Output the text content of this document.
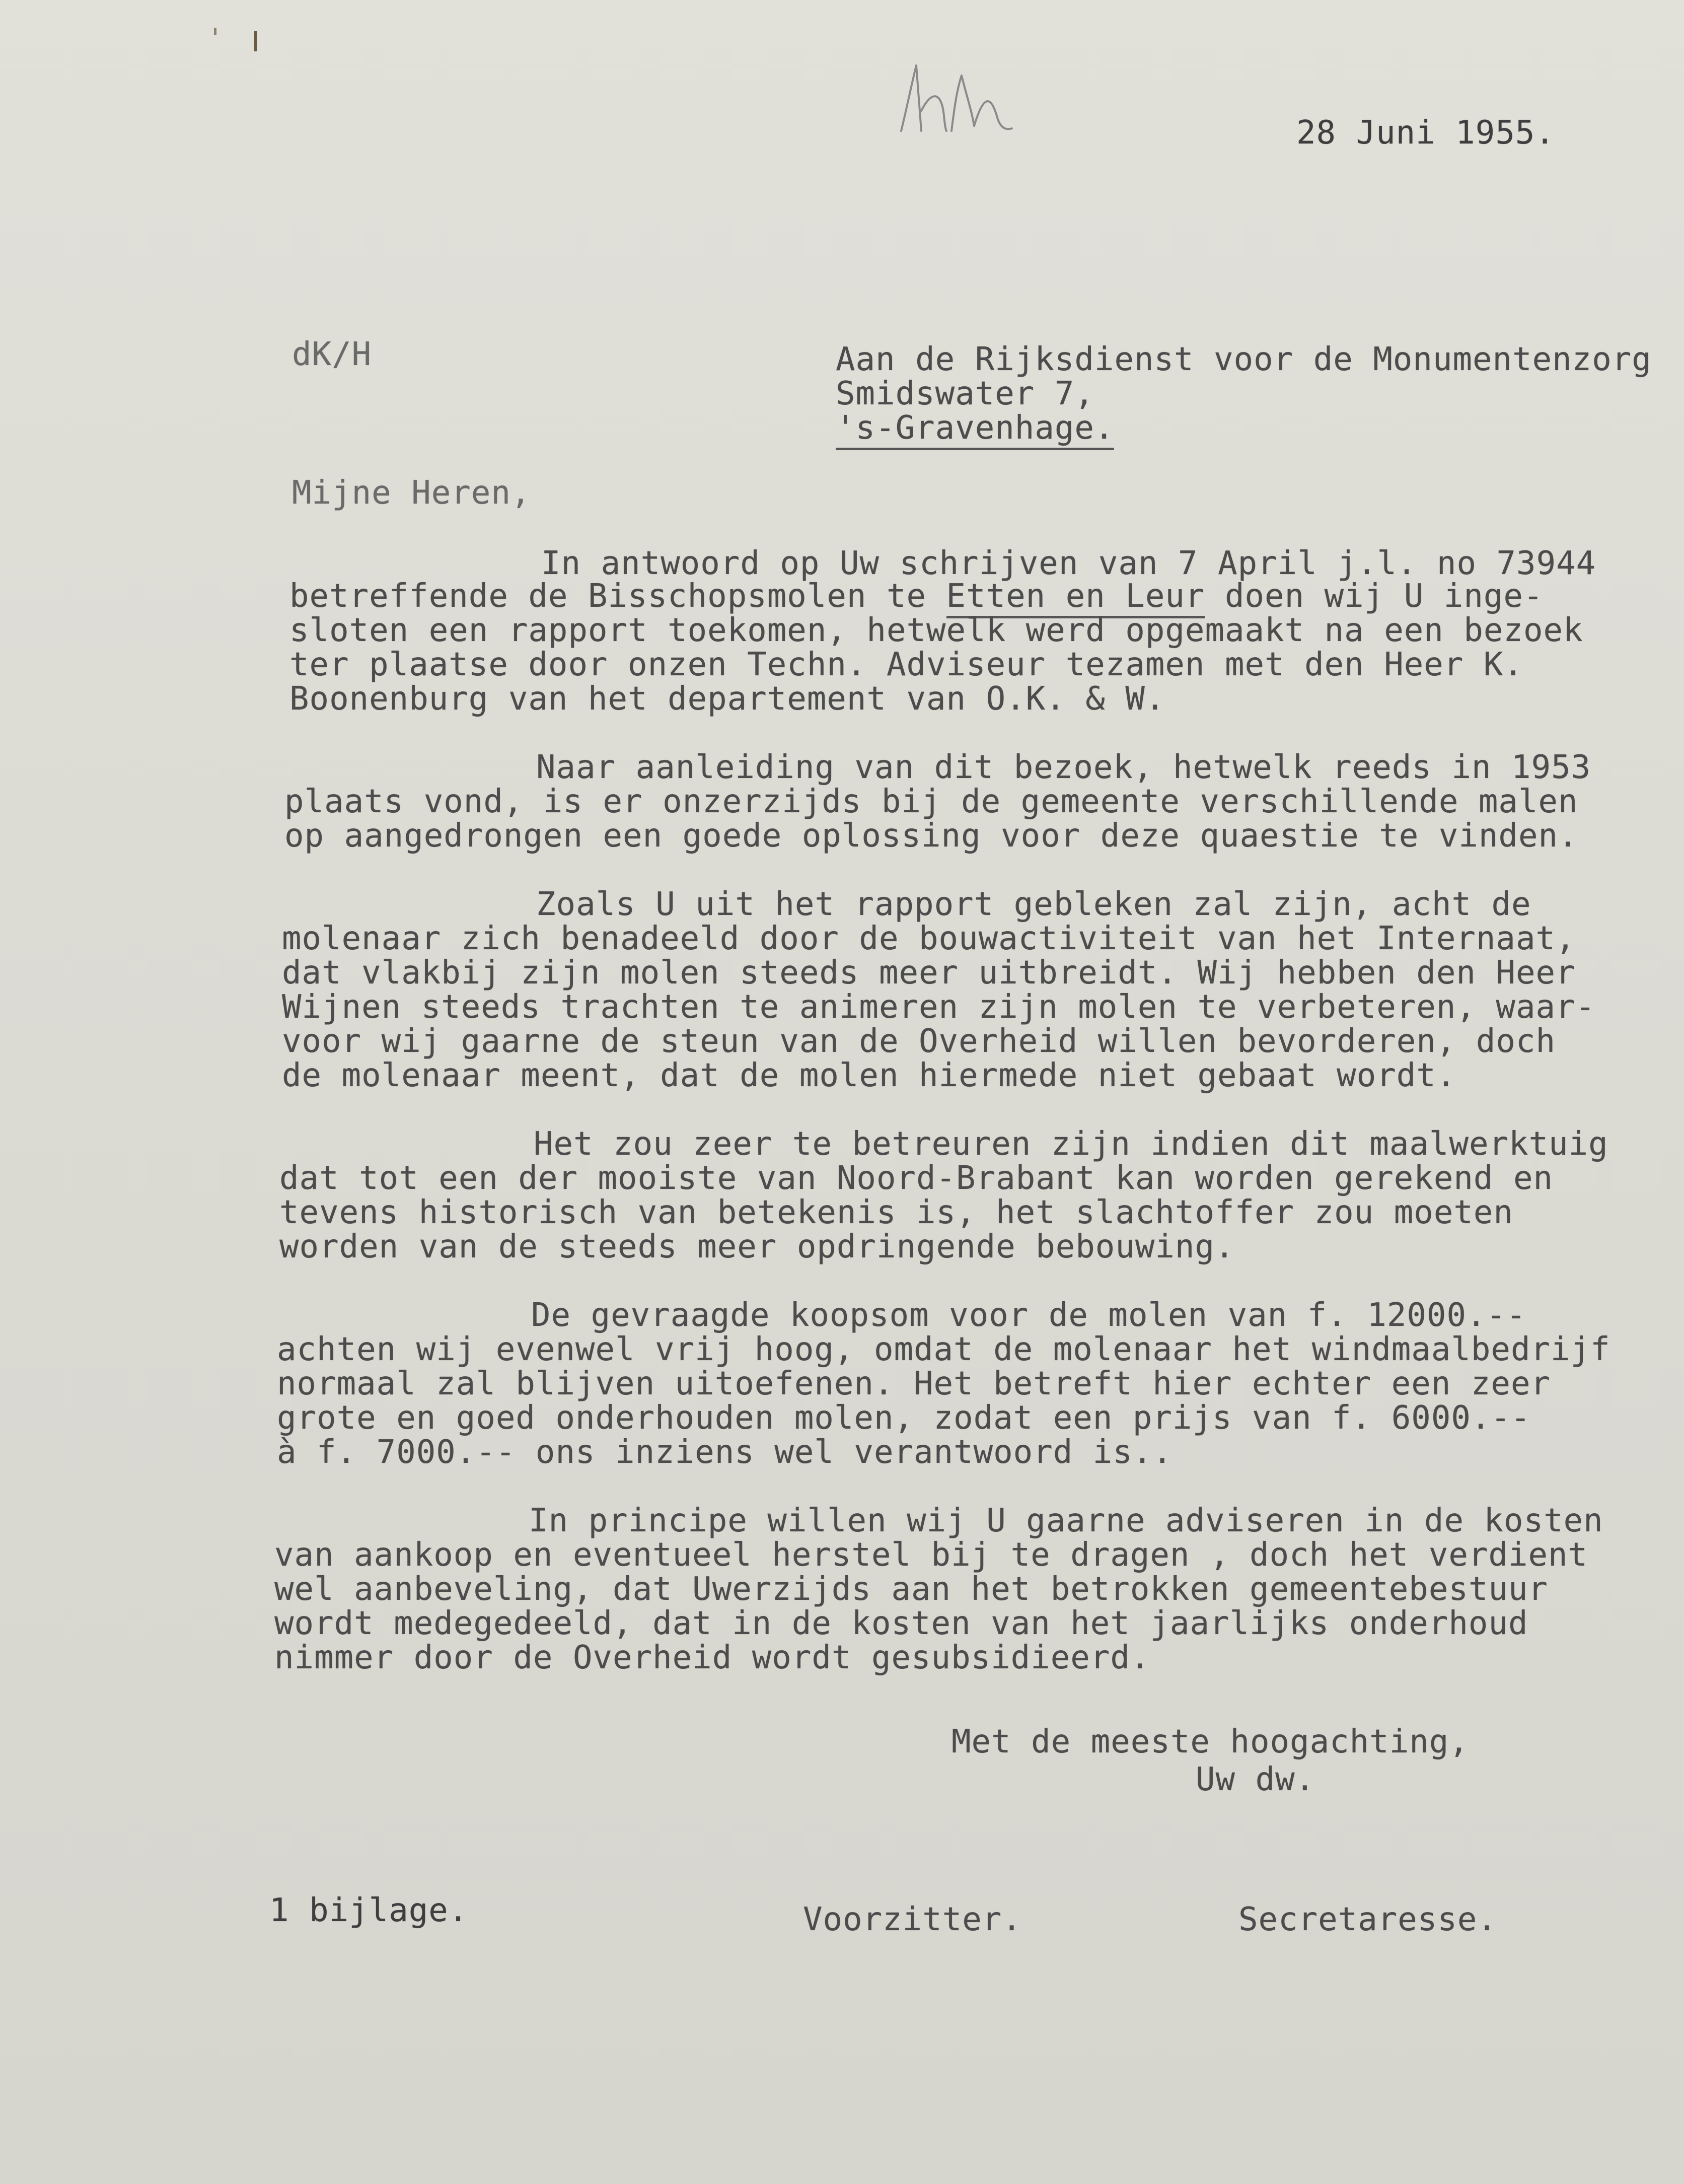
28 Juni 1955.
dK/H	Aan de Rijksdienst voor de Monumentenzorg
Smidswater 7,
's-Gravenhage.
Mijne Heren,
In antwoord op Uw schrijven van 7 April j.l. no 73944
betreffende de Bisschopsmolen te Etten en Leur doen wij U inge-
sloten een rapport toekomen, hetwelk werd opgemaakt na een bezoek
ter plaatse door onzen Techn. Adviseur tezamen met den Heer K.
Boonenburg van het departement van O.K. & W.
Naar aanleiding van dit bezoek, hetwelk reeds in 1953
plaats vond, is er onzerzijds bij de gemeente verschillende malen
op aangedrongen een goede oplossing voor deze quaestie te vinden.
Zoals U uit het rapport gebleken zal zijn, acht de
molenaar zich benadeeld door de bouwactiviteit van het Internaat,
dat vlakbij zijn molen steeds meer uitbreidt. Wij hebben den Heer
Wijnen steeds trachten te animeren zijn molen te verbeteren, waar-
voor wij gaarne de steun van de Overheid willen bevorderen, doch
de molenaar meent, dat de molen hiermede niet gebaat wordt.
Het zou zeer te betreuren zijn indien dit maalwerktuig
dat tot een der mooiste van Noord-Brabant kan worden gerekend en
tevens historisch van betekenis is, het slachtoffer zou moeten
worden van de steeds meer opdringende bebouwing.
De gevraagde koopsom voor de molen van f. 12000.--
achten wij evenwel vrij hoog, omdat de molenaar het windmaalbedrijf
normaal zal blijven uitoefenen. Het betreft hier echter een zeer
grote en goed onderhouden molen, zodat een prijs van f. 6000.--
à f. 7000.-- ons inziens wel verantwoord is..
In principe willen wij U gaarne adviseren in de kosten
van aankoop en eventueel herstel bij te dragen , doch het verdient
wel aanbeveling, dat Uwerzijds aan het betrokken gemeentebestuur
wordt medegedeeld, dat in de kosten van het jaarlijks onderhoud
nimmer door de Overheid wordt gesubsidieerd.
Met de meeste hoogachting,
Uw dw.
1 bijlage.	Voorzitter.	Secretaresse.
